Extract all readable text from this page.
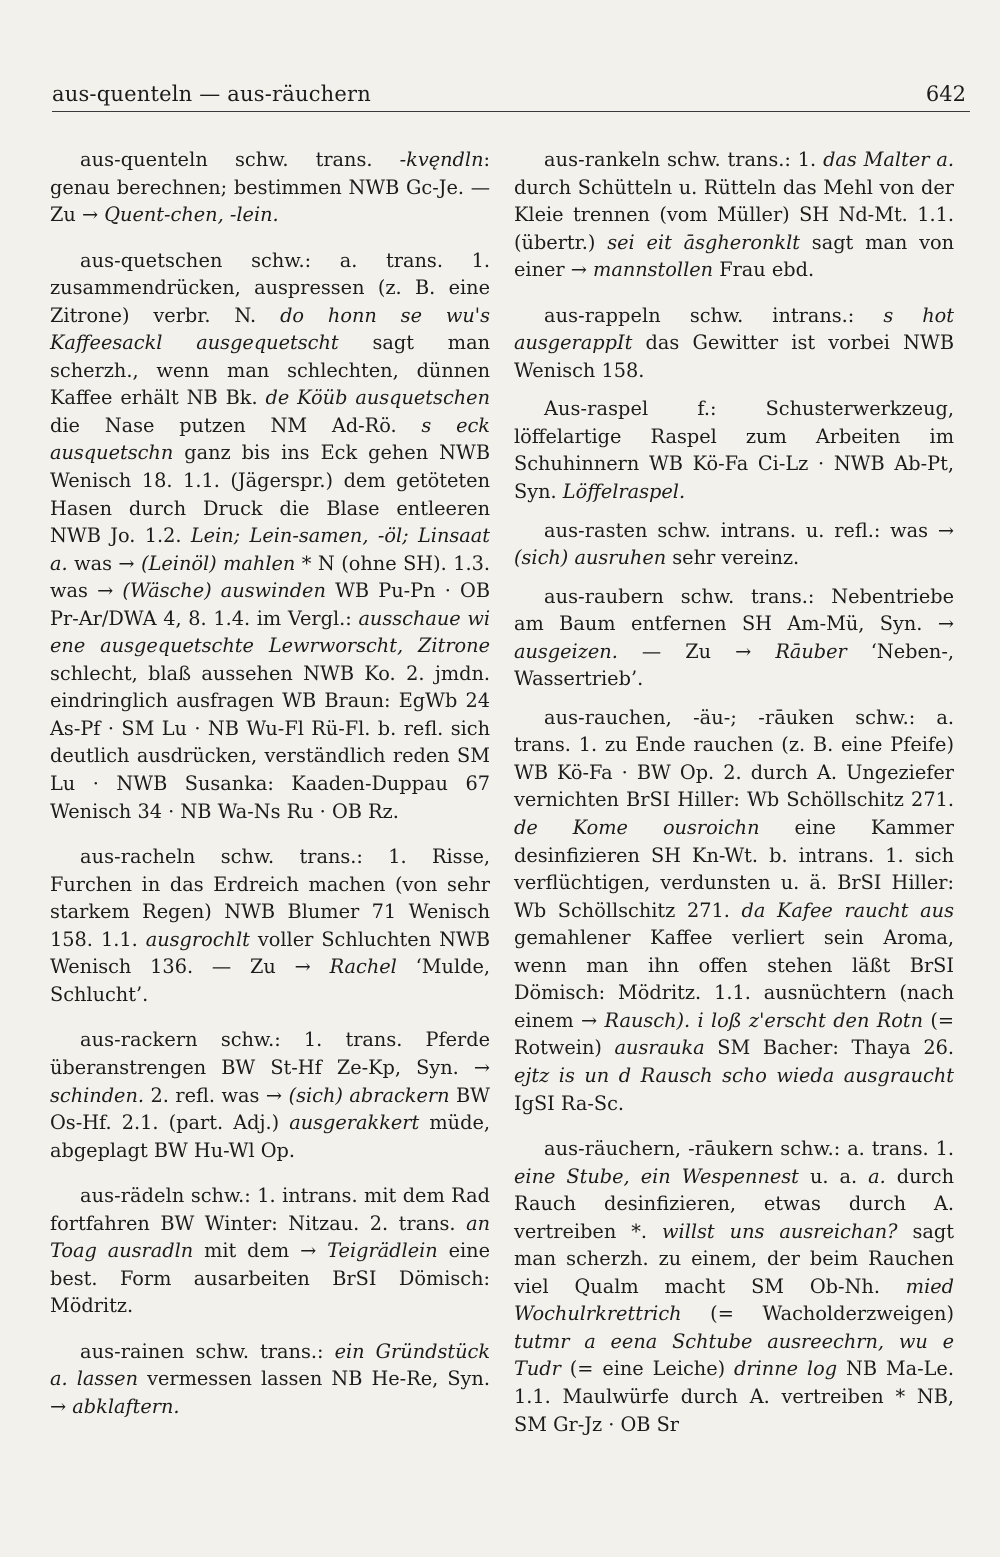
aus-quenteln — aus-räuchern	642

aus-quenteln schw. trans. -kvęndln: genau berechnen; bestimmen NWB Gc-Je. — Zu → Quent-chen, -lein.

aus-quetschen schw.: a. trans. 1. zusammendrücken, auspressen (z. B. eine Zitrone) verbr. N. do honn se wu's Kaffeesackl ausgequetscht sagt man scherzh., wenn man schlechten, dünnen Kaffee erhält NB Bk. de Köüb ausquetschen die Nase putzen NM Ad-Rö. s eck ausquetschn ganz bis ins Eck gehen NWB Wenisch 18. 1.1. (Jägerspr.) dem getöteten Hasen durch Druck die Blase entleeren NWB Jo. 1.2. Lein; Lein-samen, -öl; Linsaat a. was → (Leinöl) mahlen * N (ohne SH). 1.3. was → (Wäsche) auswinden WB Pu-Pn · OB Pr-Ar/DWA 4, 8. 1.4. im Vergl.: ausschaue wi ene ausgequetschte Lewrworscht, Zitrone schlecht, blaß aussehen NWB Ko. 2. jmdn. eindringlich ausfragen WB Braun: EgWb 24 As-Pf · SM Lu · NB Wu-Fl Rü-Fl. b. refl. sich deutlich ausdrücken, verständlich reden SM Lu · NWB Susanka: Kaaden-Duppau 67 Wenisch 34 · NB Wa-Ns Ru · OB Rz.

aus-racheln schw. trans.: 1. Risse, Furchen in das Erdreich machen (von sehr starkem Regen) NWB Blumer 71 Wenisch 158. 1.1. ausgrochlt voller Schluchten NWB Wenisch 136. — Zu → Rachel ‘Mulde, Schlucht’.

aus-rackern schw.: 1. trans. Pferde überanstrengen BW St-Hf Ze-Kp, Syn. → schinden. 2. refl. was → (sich) abrackern BW Os-Hf. 2.1. (part. Adj.) ausgerakkert müde, abgeplagt BW Hu-Wl Op.

aus-rädeln schw.: 1. intrans. mit dem Rad fortfahren BW Winter: Nitzau. 2. trans. an Toag ausradln mit dem → Teigrädlein eine best. Form ausarbeiten BrSI Dömisch: Mödritz.

aus-rainen schw. trans.: ein Gründstück a. lassen vermessen lassen NB He-Re, Syn. → abklaftern.

aus-rankeln schw. trans.: 1. das Malter a. durch Schütteln u. Rütteln das Mehl von der Kleie trennen (vom Müller) SH Nd-Mt. 1.1. (übertr.) sei eit āsgheronklt sagt man von einer → mannstollen Frau ebd.

aus-rappeln schw. intrans.: s hot ausgerappIt das Gewitter ist vorbei NWB Wenisch 158.

Aus-raspel f.: Schusterwerkzeug, löffelartige Raspel zum Arbeiten im Schuhinnern WB Kö-Fa Ci-Lz · NWB Ab-Pt, Syn. Löffelraspel.

aus-rasten schw. intrans. u. refl.: was → (sich) ausruhen sehr vereinz.

aus-raubern schw. trans.: Nebentriebe am Baum entfernen SH Am-Mü, Syn. → ausgeizen. — Zu → Rāuber ‘Neben-, Wassertrieb’.

aus-rauchen, -äu-; -rāuken schw.: a. trans. 1. zu Ende rauchen (z. B. eine Pfeife) WB Kö-Fa · BW Op. 2. durch A. Ungeziefer vernichten BrSI Hiller: Wb Schöllschitz 271. de Kome ousroichn eine Kammer desinfizieren SH Kn-Wt. b. intrans. 1. sich verflüchtigen, verdunsten u. ä. BrSI Hiller: Wb Schöllschitz 271. da Kafee raucht aus gemahlener Kaffee verliert sein Aroma, wenn man ihn offen stehen läßt BrSI Dömisch: Mödritz. 1.1. ausnüchtern (nach einem → Rausch). i loß z'erscht den Rotn (= Rotwein) ausrauka SM Bacher: Thaya 26. ejtz is un d Rausch scho wieda ausgraucht IgSI Ra-Sc.

aus-räuchern, -rāukern schw.: a. trans. 1. eine Stube, ein Wespennest u. a. a. durch Rauch desinfizieren, etwas durch A. vertreiben *. willst uns ausreichan? sagt man scherzh. zu einem, der beim Rauchen viel Qualm macht SM Ob-Nh. mied Wochulrkrettrich (= Wacholderzweigen) tutmr a eena Schtube ausreechrn, wu e Tudr (= eine Leiche) drinne log NB Ma-Le. 1.1. Maulwürfe durch A. vertreiben * NB, SM Gr-Jz · OB Sr
